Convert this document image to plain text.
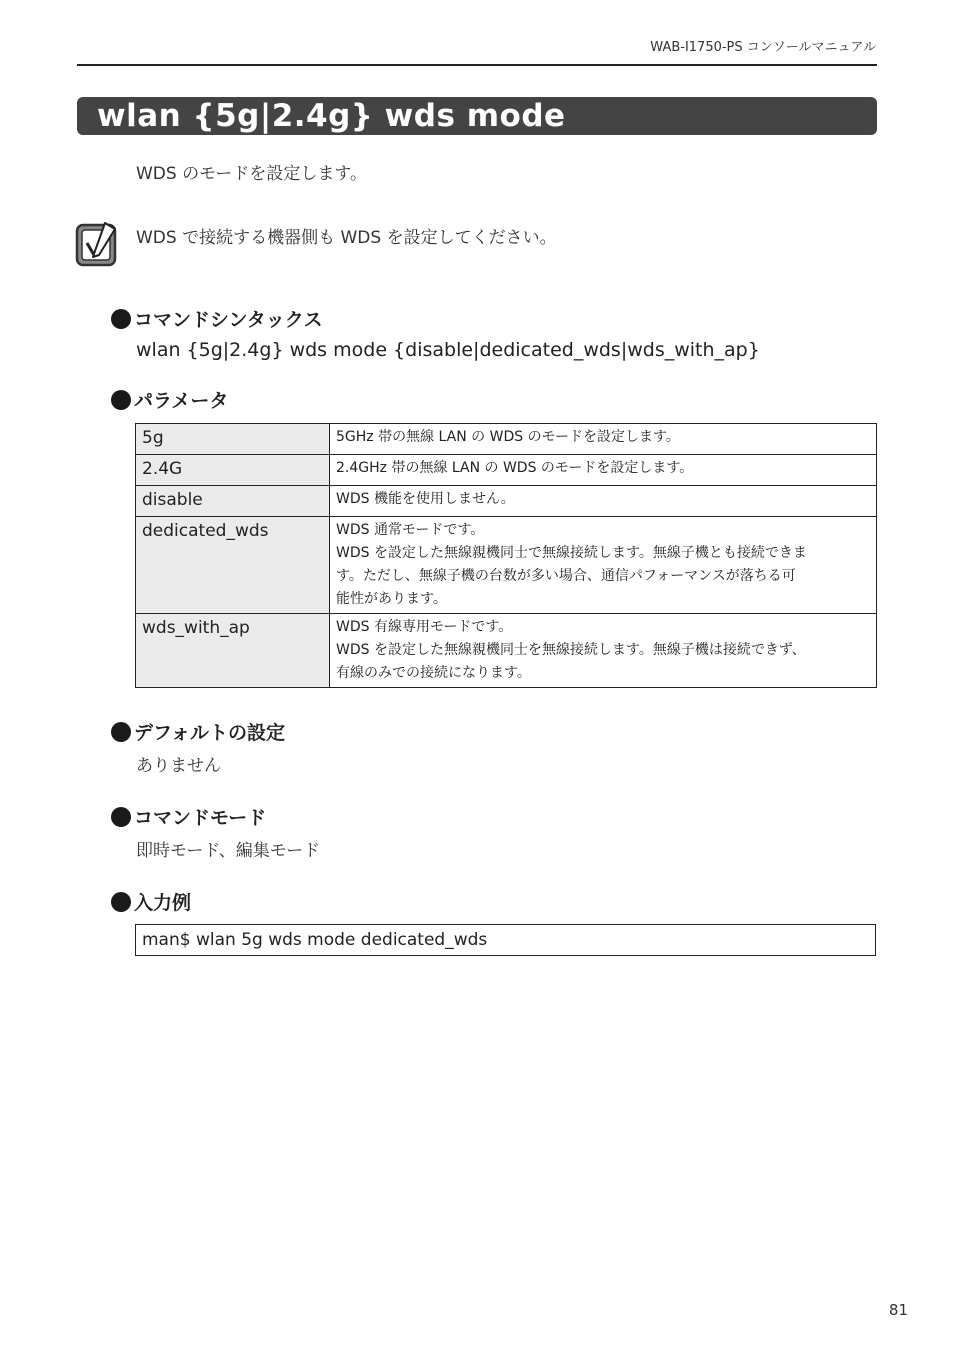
WAB-I1750-PS コンソールマニュアル
wlan {5g|2.4g} wds mode
WDS のモードを設定します。
WDS で接続する機器側も WDS を設定してください。
コマンドシンタックス
wlan {5g|2.4g} wds mode {disable|dedicated_wds|wds_with_ap}
パラメータ
5g	5GHz 帯の無線 LAN の WDS のモードを設定します。

2.4G	2.4GHz 帯の無線 LAN の WDS のモードを設定します。

disable	WDS 機能を使用しません。

dedicated_wds	WDS 通常モードです。
WDS を設定した無線親機同士で無線接続します。無線子機とも接続できま
す。ただし、無線子機の台数が多い場合、通信パフォーマンスが落ちる可
能性があります。

wds_with_ap	WDS 有線専用モードです。
WDS を設定した無線親機同士を無線接続します。無線子機は接続できず、
有線のみでの接続になります。
デフォルトの設定
ありません
コマンドモード
即時モード、編集モード
入力例
man$ wlan 5g wds mode dedicated_wds
81
